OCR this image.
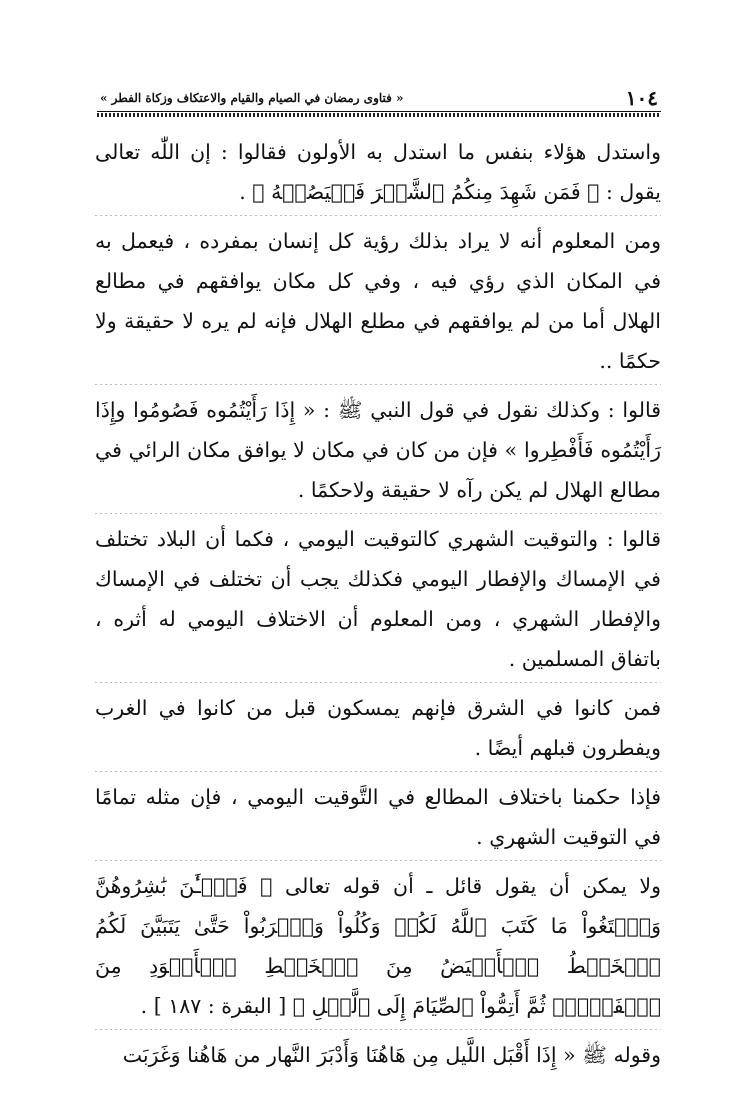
١٠٤
« فتاوى رمضان في الصيام والقيام والاعتكاف وزكاة الفطر »

واستدل هؤلاء بنفس ما استدل به الأولون فقالوا : إن اللّٰه تعالى يقول : ﴿ فَمَن شَهِدَ مِنكُمُ ٱلشَّهۡرَ فَلۡيَصُمۡهُ ﴾ .

ومن المعلوم أنه لا يراد بذلك رؤية كل إنسان بمفرده ، فيعمل به في المكان الذي رؤي فيه ، وفي كل مكان يوافقهم في مطالع الهلال أما من لم يوافقهم في مطلع الهلال فإنه لم يره لا حقيقة ولا حكمًا ..

قالوا : وكذلك نقول في قول النبي ﷺ : « إِذَا رَأَيْتُمُوه فَصُومُوا وإِذَا رَأَيْتُمُوه فَأَفْطِروا » فإن من كان في مكان لا يوافق مكان الرائي في مطالع الهلال لم يكن رآه لا حقيقة ولاحكمًا .

قالوا : والتوقيت الشهري كالتوقيت اليومي ، فكما أن البلاد تختلف في الإمساك والإفطار اليومي فكذلك يجب أن تختلف في الإمساك والإفطار الشهري ، ومن المعلوم أن الاختلاف اليومي له أثره ، باتفاق المسلمين .

فمن كانوا في الشرق فإنهم يمسكون قبل من كانوا في الغرب ويفطرون قبلهم أيضًا .

فإذا حكمنا باختلاف المطالع في التَّوقيت اليومي ، فإن مثله تمامًا في التوقيت الشهري .

ولا يمكن أن يقول قائل ـ أن قوله تعالى ﴿ فَٱلۡـَٰٔنَ بَٰشِرُوهُنَّ وَٱبۡتَغُواْ مَا كَتَبَ ٱللَّهُ لَكُمۡ وَكُلُواْ وَٱشۡرَبُواْ حَتَّىٰ يَتَبَيَّنَ لَكُمُ ٱلۡخَيۡطُ ٱلۡأَبۡيَضُ مِنَ ٱلۡخَيۡطِ ٱلۡأَسۡوَدِ مِنَ ٱلۡفَجۡرِۖ ثُمَّ أَتِمُّواْ ٱلصِّيَامَ إِلَى ٱلَّيۡلِ ﴾ [ البقرة : ١٨٧ ] .

وقوله ﷺ « إِذَا أَقْبَل اللَّيل مِن هَاهُنَا وَأَدْبَرَ النَّهار من هَاهُنا وَغَرَبَت
